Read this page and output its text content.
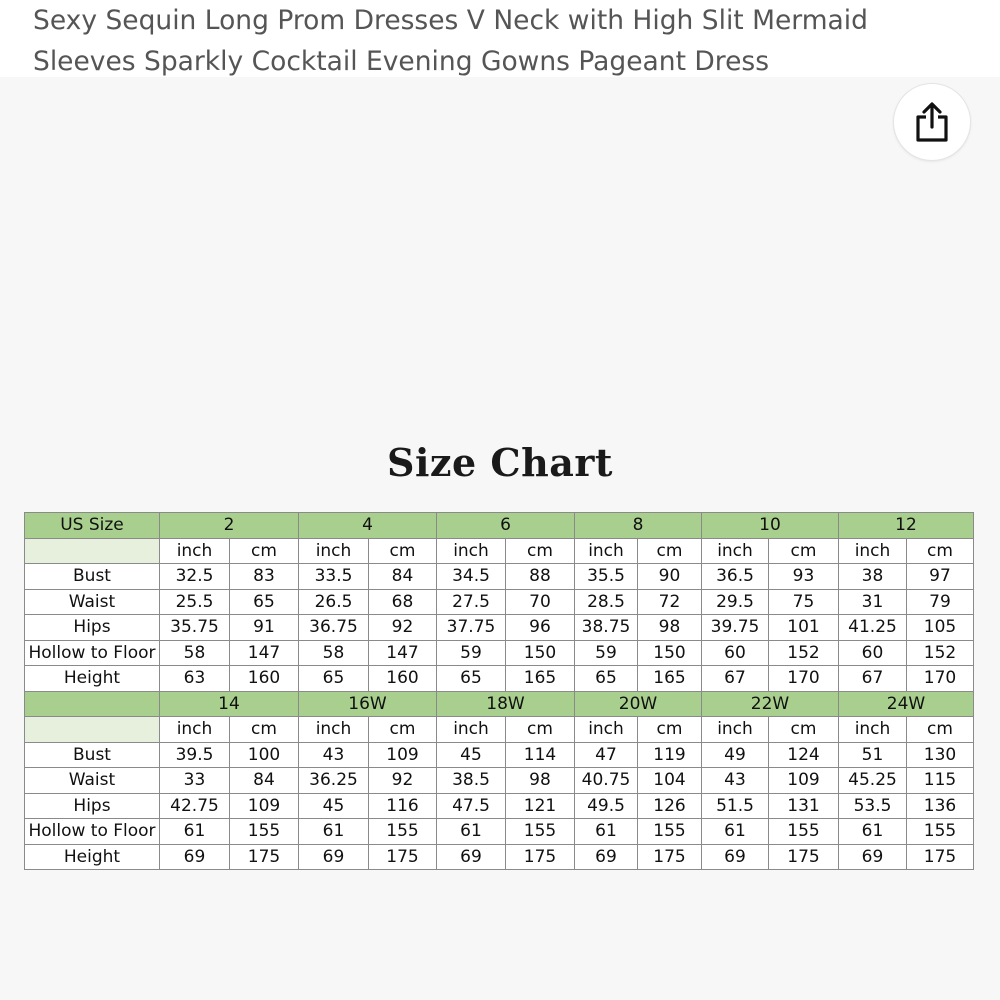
Sexy Sequin Long Prom Dresses V Neck with High Slit Mermaid Sleeves Sparkly Cocktail Evening Gowns Pageant Dress
Size Chart
US Size	2		4		6		8		10		12	
	inch	cm	inch	cm	inch	cm	inch	cm	inch	cm	inch	cm
Bust	32.5	83	33.5	84	34.5	88	35.5	90	36.5	93	38	97
Waist	25.5	65	26.5	68	27.5	70	28.5	72	29.5	75	31	79
Hips	35.75	91	36.75	92	37.75	96	38.75	98	39.75	101	41.25	105
Hollow to Floor	58	147	58	147	59	150	59	150	60	152	60	152
Height	63	160	65	160	65	165	65	165	67	170	67	170
	14		16W		18W		20W		22W		24W	
	inch	cm	inch	cm	inch	cm	inch	cm	inch	cm	inch	cm
Bust	39.5	100	43	109	45	114	47	119	49	124	51	130
Waist	33	84	36.25	92	38.5	98	40.75	104	43	109	45.25	115
Hips	42.75	109	45	116	47.5	121	49.5	126	51.5	131	53.5	136
Hollow to Floor	61	155	61	155	61	155	61	155	61	155	61	155
Height	69	175	69	175	69	175	69	175	69	175	69	175
